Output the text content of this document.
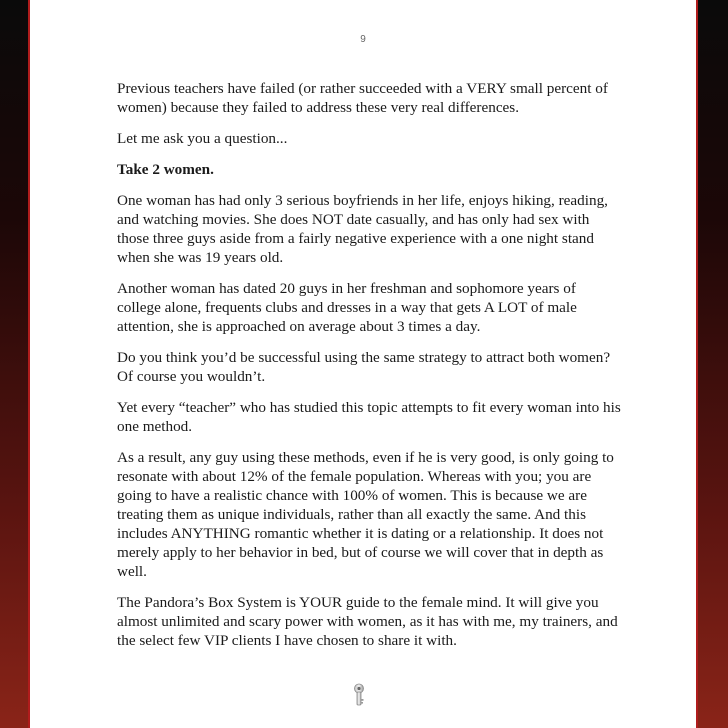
9

Previous teachers have failed (or rather succeeded with a VERY small percent of women) because they failed to address these very real differences.

Let me ask you a question...

Take 2 women.

One woman has had only 3 serious boyfriends in her life, enjoys hiking, reading, and watching movies. She does NOT date casually, and has only had sex with those three guys aside from a fairly negative experience with a one night stand when she was 19 years old.

Another woman has dated 20 guys in her freshman and sophomore years of college alone, frequents clubs and dresses in a way that gets A LOT of male attention, she is approached on average about 3 times a day.

Do you think you’d be successful using the same strategy to attract both women? Of course you wouldn’t.

Yet every “teacher” who has studied this topic attempts to fit every woman into his one method.

As a result, any guy using these methods, even if he is very good, is only going to resonate with about 12% of the female population. Whereas with you; you are going to have a realistic chance with 100% of women. This is because we are treating them as unique individuals, rather than all exactly the same. And this includes ANYTHING romantic whether it is dating or a relationship. It does not merely apply to her behavior in bed, but of course we will cover that in depth as well.

The Pandora’s Box System is YOUR guide to the female mind. It will give you almost unlimited and scary power with women, as it has with me, my trainers, and the select few VIP clients I have chosen to share it with.
